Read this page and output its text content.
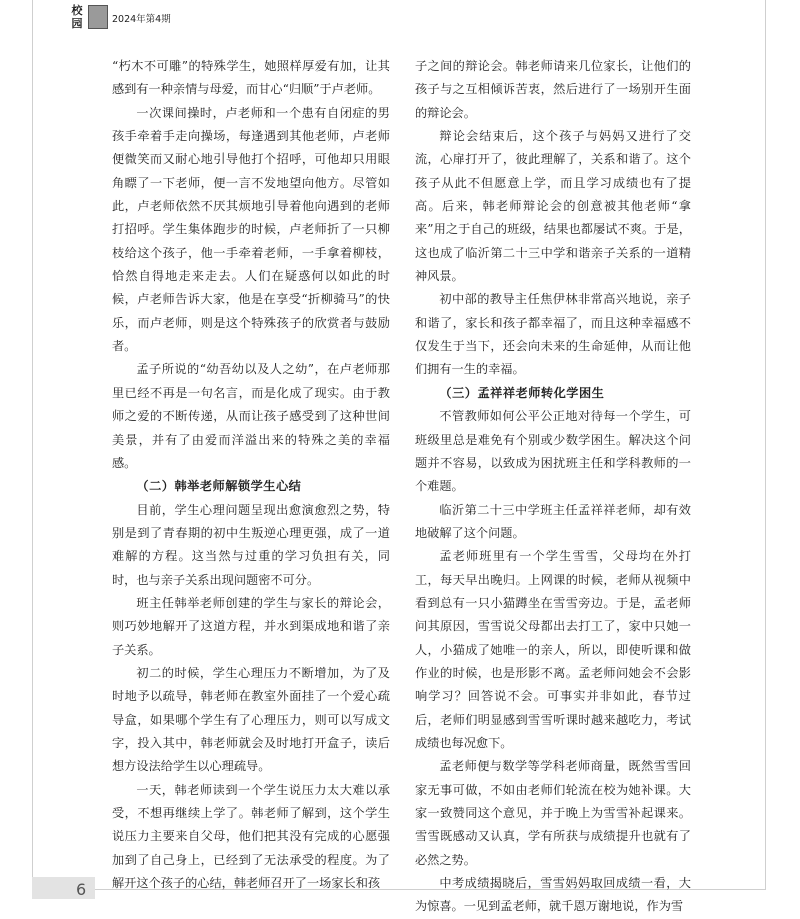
校
园	2024年第4期

“朽木不可雕”的特殊学生，她照样厚爱有加，让其感到有一种亲情与母爱，而甘心“归顺”于卢老师。

一次课间操时，卢老师和一个患有自闭症的男孩手牵着手走向操场，每逢遇到其他老师，卢老师便微笑而又耐心地引导他打个招呼，可他却只用眼角瞟了一下老师，便一言不发地望向他方。尽管如此，卢老师依然不厌其烦地引导着他向遇到的老师打招呼。学生集体跑步的时候，卢老师折了一只柳枝给这个孩子，他一手牵着老师，一手拿着柳枝，恰然自得地走来走去。人们在疑惑何以如此的时候，卢老师告诉大家，他是在享受“折柳骑马”的快乐，而卢老师，则是这个特殊孩子的欣赏者与鼓励者。

孟子所说的“幼吾幼以及人之幼”，在卢老师那里已经不再是一句名言，而是化成了现实。由于教师之爱的不断传递，从而让孩子感受到了这种世间美景，并有了由爱而洋溢出来的特殊之美的幸福感。

（二）韩举老师解锁学生心结

目前，学生心理问题呈现出愈演愈烈之势，特别是到了青春期的初中生叛逆心理更强，成了一道难解的方程。这当然与过重的学习负担有关，同时，也与亲子关系出现问题密不可分。

班主任韩举老师创建的学生与家长的辩论会，则巧妙地解开了这道方程，并水到渠成地和谐了亲子关系。

初二的时候，学生心理压力不断增加，为了及时地予以疏导，韩老师在教室外面挂了一个爱心疏导盒，如果哪个学生有了心理压力，则可以写成文字，投入其中，韩老师就会及时地打开盒子，读后想方设法给学生以心理疏导。

一天，韩老师读到一个学生说压力太大难以承受，不想再继续上学了。韩老师了解到，这个学生说压力主要来自父母，他们把其没有完成的心愿强加到了自己身上，已经到了无法承受的程度。为了解开这个孩子的心结，韩老师召开了一场家长和孩

子之间的辩论会。韩老师请来几位家长，让他们的孩子与之互相倾诉苦衷，然后进行了一场别开生面的辩论会。

辩论会结束后，这个孩子与妈妈又进行了交流，心扉打开了，彼此理解了，关系和谐了。这个孩子从此不但愿意上学，而且学习成绩也有了提高。后来，韩老师辩论会的创意被其他老师“拿来”用之于自己的班级，结果也都屡试不爽。于是，这也成了临沂第二十三中学和谐亲子关系的一道精神风景。

初中部的教导主任焦伊林非常高兴地说，亲子和谐了，家长和孩子都幸福了，而且这种幸福感不仅发生于当下，还会向未来的生命延伸，从而让他们拥有一生的幸福。

（三）孟祥祥老师转化学困生

不管教师如何公平公正地对待每一个学生，可班级里总是难免有个别或少数学困生。解决这个问题并不容易，以致成为困扰班主任和学科教师的一个难题。

临沂第二十三中学班主任孟祥祥老师，却有效地破解了这个问题。

孟老师班里有一个学生雪雪，父母均在外打工，每天早出晚归。上网课的时候，老师从视频中看到总有一只小猫蹲坐在雪雪旁边。于是，孟老师问其原因，雪雪说父母都出去打工了，家中只她一人，小猫成了她唯一的亲人，所以，即使听课和做作业的时候，也是形影不离。孟老师问她会不会影响学习？回答说不会。可事实并非如此，春节过后，老师们明显感到雪雪听课时越来越吃力，考试成绩也每况愈下。

孟老师便与数学等学科老师商量，既然雪雪回家无事可做，不如由老师们轮流在校为她补课。大家一致赞同这个意见，并于晚上为雪雪补起课来。雪雪既感动又认真，学有所获与成绩提升也就有了必然之势。

中考成绩揭晓后，雪雪妈妈取回成绩一看，大为惊喜。一见到孟老师，就千恩万谢地说，作为雪

6
